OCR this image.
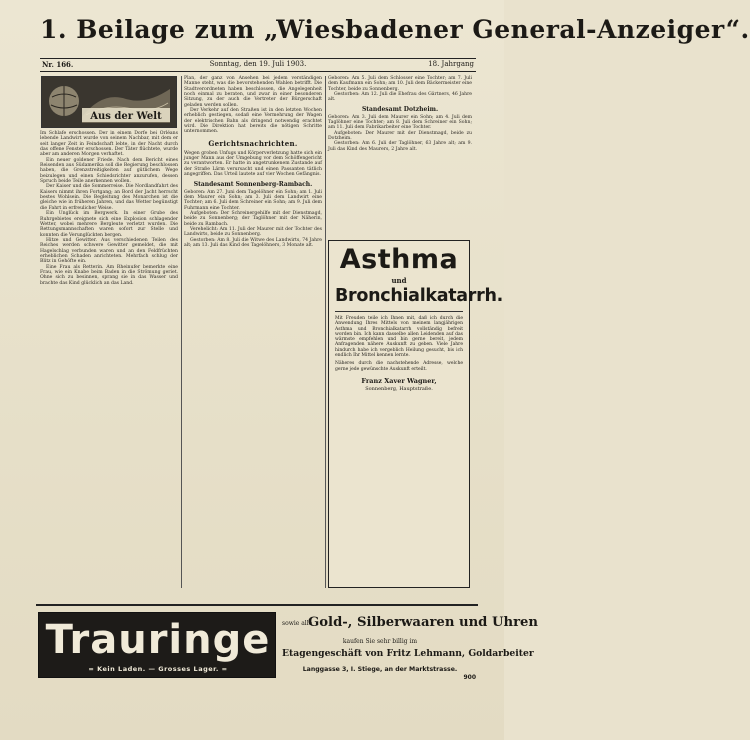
1. Beilage zum „Wiesbadener General-Anzeiger“.
Nr. 166.	Sonntag, den 19. Juli 1903.	18. Jahrgang
Aus der Welt

Im Schlafe erschossen. Der in einem Dorfe bei Orléans lebende Landwirt wurde von seinem Nachbar, mit dem er seit langer Zeit in Feindschaft lebte, in der Nacht durch das offene Fenster erschossen. Der Täter flüchtete, wurde aber am anderen Morgen verhaftet.

Ein neuer goldener Friede. Nach dem Bericht eines Reisenden aus Südamerika soll die Regierung beschlossen haben, die Grenzstreitigkeiten auf gütlichem Wege beizulegen und einen Schiedsrichter anzurufen, dessen Spruch beide Teile anerkennen wollen.

Der Kaiser und die Sommerreise. Die Nordlandfahrt des Kaisers nimmt ihren Fortgang; an Bord der Jacht herrscht bestes Wohlsein. Die Begleitung des Monarchen ist die gleiche wie in früheren Jahren, und das Wetter begünstigt die Fahrt in erfreulicher Weise.

Ein Unglück im Bergwerk. In einer Grube des Ruhrgebietes ereignete sich eine Explosion schlagender Wetter, wobei mehrere Bergleute verletzt wurden. Die Rettungsmannschaften waren sofort zur Stelle und konnten die Verunglückten bergen.

Hitze und Gewitter. Aus verschiedenen Teilen des Reiches werden schwere Gewitter gemeldet, die mit Hagelschlag verbunden waren und an den Feldfrüchten erheblichen Schaden anrichteten. Mehrfach schlug der Blitz in Gehöfte ein.

Eine Frau als Retterin. Am Rheinufer bemerkte eine Frau, wie ein Knabe beim Baden in die Strömung geriet. Ohne sich zu besinnen, sprang sie in das Wasser und brachte das Kind glücklich an das Land.

Plan, der ganz von Ansehen bei jedem verständigen Manne steht, was die bevorstehenden Wahlen betrifft. Die Stadtverordneten haben beschlossen, die Angelegenheit noch einmal zu beraten, und zwar in einer besonderen Sitzung, zu der auch die Vertreter der Bürgerschaft geladen werden sollen.

Der Verkehr auf den Straßen ist in den letzten Wochen erheblich gestiegen, sodaß eine Vermehrung der Wagen der elektrischen Bahn als dringend notwendig erachtet wird. Die Direktion hat bereits die nötigen Schritte unternommen.

Gerichtsnachrichten.

Wegen groben Unfugs und Körperverletzung hatte sich ein junger Mann aus der Umgebung vor dem Schöffengericht zu verantworten. Er hatte in angetrunkenem Zustande auf der Straße Lärm verursacht und einen Passanten tätlich angegriffen. Das Urteil lautete auf vier Wochen Gefängnis.

Standesamt Sonnenberg-Rambach.

Geboren: Am 27. Juni dem Tagelöhner ein Sohn; am 1. Juli dem Maurer ein Sohn; am 3. Juli dem Landwirt eine Tochter; am 6. Juli dem Schreiner ein Sohn; am 9. Juli dem Fuhrmann eine Tochter.

Aufgeboten: Der Schreinergehilfe mit der Dienstmagd, beide zu Sonnenberg; der Taglöhner mit der Näherin, beide zu Rambach.

Verehelicht: Am 11. Juli der Maurer mit der Tochter des Landwirts, beide zu Sonnenberg.

Gestorben: Am 8. Juli die Witwe des Landwirts, 74 Jahre alt; am 13. Juli das Kind des Tagelöhners, 3 Monate alt.

Geboren: Am 5. Juli dem Schlosser eine Tochter; am 7. Juli dem Kaufmann ein Sohn; am 10. Juli dem Bäckermeister eine Tochter, beide zu Sonnenberg.

Gestorben: Am 12. Juli die Ehefrau des Gärtners, 46 Jahre alt.

Standesamt Dotzheim.

Geboren: Am 3. Juli dem Maurer ein Sohn; am 4. Juli dem Taglöhner eine Tochter; am 8. Juli dem Schreiner ein Sohn; am 11. Juli dem Fabrikarbeiter eine Tochter.

Aufgeboten: Der Maurer mit der Dienstmagd, beide zu Dotzheim.

Gestorben: Am 6. Juli der Taglöhner, 63 Jahre alt; am 9. Juli das Kind des Maurers, 2 Jahre alt.

Asthma
und
Bronchialkatarrh.

Mit Freuden teile ich Ihnen mit, daß ich durch die Anwendung Ihres Mittels von meinem langjährigen Asthma und Bronchialkatarrh vollständig befreit worden bin. Ich kann dasselbe allen Leidenden auf das wärmste empfehlen und bin gerne bereit, jedem Anfragenden nähere Auskunft zu geben. Viele Jahre hindurch habe ich vergeblich Heilung gesucht, bis ich endlich Ihr Mittel kennen lernte.

Näheres durch die nachstehende Adresse, welche gerne jede gewünschte Auskunft erteilt.

Franz Xaver Wagner,

Sonnenberg, Hauptstraße.

Trauringe
= Kein Laden. — Grosses Lager. =
sowie alle
Gold-, Silberwaaren und Uhren
kaufen Sie sehr billig im
Etagengeschäft von Fritz Lehmann, Goldarbeiter
Langgasse 3, I. Stiege, an der Marktstrasse.
900
